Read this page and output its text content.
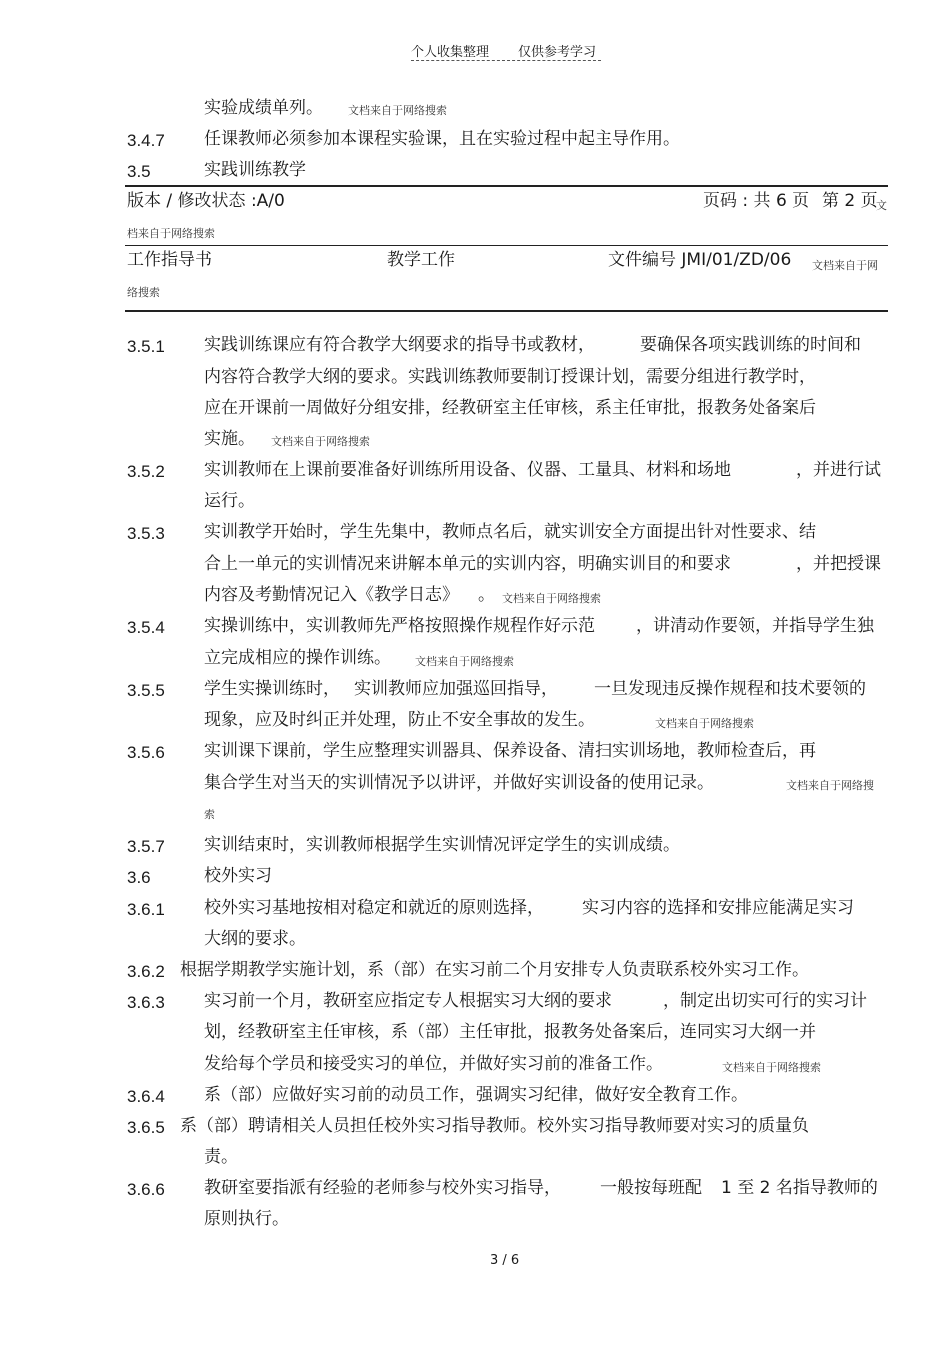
个人收集整理 仅供参考学习
实验成绩单列。 文档来自于网络搜索
3.4.7 任课教师必须参加本课程实验课，且在实验过程中起主导作用。
3.5	实践训练教学
版本 / 修改状态 :A/0	页码 : 共 6 页 第 2 页
文
档来自于网络搜索
工作指导书	教学工作	文件编号 JMI/01/ZD/06 文档来自于网
络搜索
3.5.1 实践训练课应有符合教学大纲要求的指导书或教材，	要确保各项实践训练的时间和
内容符合教学大纲的要求。实践训练教师要制订授课计划，需要分组进行教学时，
应在开课前一周做好分组安排，经教研室主任审核，系主任审批，报教务处备案后
实施。 文档来自于网络搜索
3.5.2 实训教师在上课前要准备好训练所用设备、仪器、工量具、材料和场地	，并进行试
运行。
3.5.3 实训教学开始时，学生先集中，教师点名后，就实训安全方面提出针对性要求、结
合上一单元的实训情况来讲解本单元的实训内容，明确实训目的和要求	，并把授课
内容及考勤情况记入《教学日志》 。 文档来自于网络搜索
3.5.4 实操训练中，实训教师先严格按照操作规程作好示范 ，讲清动作要领，并指导学生独
立完成相应的操作训练。 文档来自于网络搜索
3.5.5 学生实操训练时， 实训教师应加强巡回指导， 一旦发现违反操作规程和技术要领的
现象，应及时纠正并处理，防止不安全事故的发生。	文档来自于网络搜索
3.5.6 实训课下课前，学生应整理实训器具、保养设备、清扫实训场地，教师检查后，再
集合学生对当天的实训情况予以讲评，并做好实训设备的使用记录。	文档来自于网络搜
索
3.5.7 实训结束时，实训教师根据学生实训情况评定学生的实训成绩。
3.6	校外实习
3.6.1 校外实习基地按相对稳定和就近的原则选择， 实习内容的选择和安排应能满足实习
大纲的要求。
3.6.2 根据学期教学实施计划，系（部）在实习前二个月安排专人负责联系校外实习工作。
3.6.3 实习前一个月，教研室应指定专人根据实习大纲的要求	，制定出切实可行的实习计
划，经教研室主任审核，系（部）主任审批，报教务处备案后，连同实习大纲一并
发给每个学员和接受实习的单位，并做好实习前的准备工作。	文档来自于网络搜索
3.6.4 系（部）应做好实习前的动员工作，强调实习纪律，做好安全教育工作。
3.6.5 系（部）聘请相关人员担任校外实习指导教师。校外实习指导教师要对实习的质量负
责。
3.6.6 教研室要指派有经验的老师参与校外实习指导， 一般按每班配 1 至 2 名指导教师的
原则执行。
3 / 6
